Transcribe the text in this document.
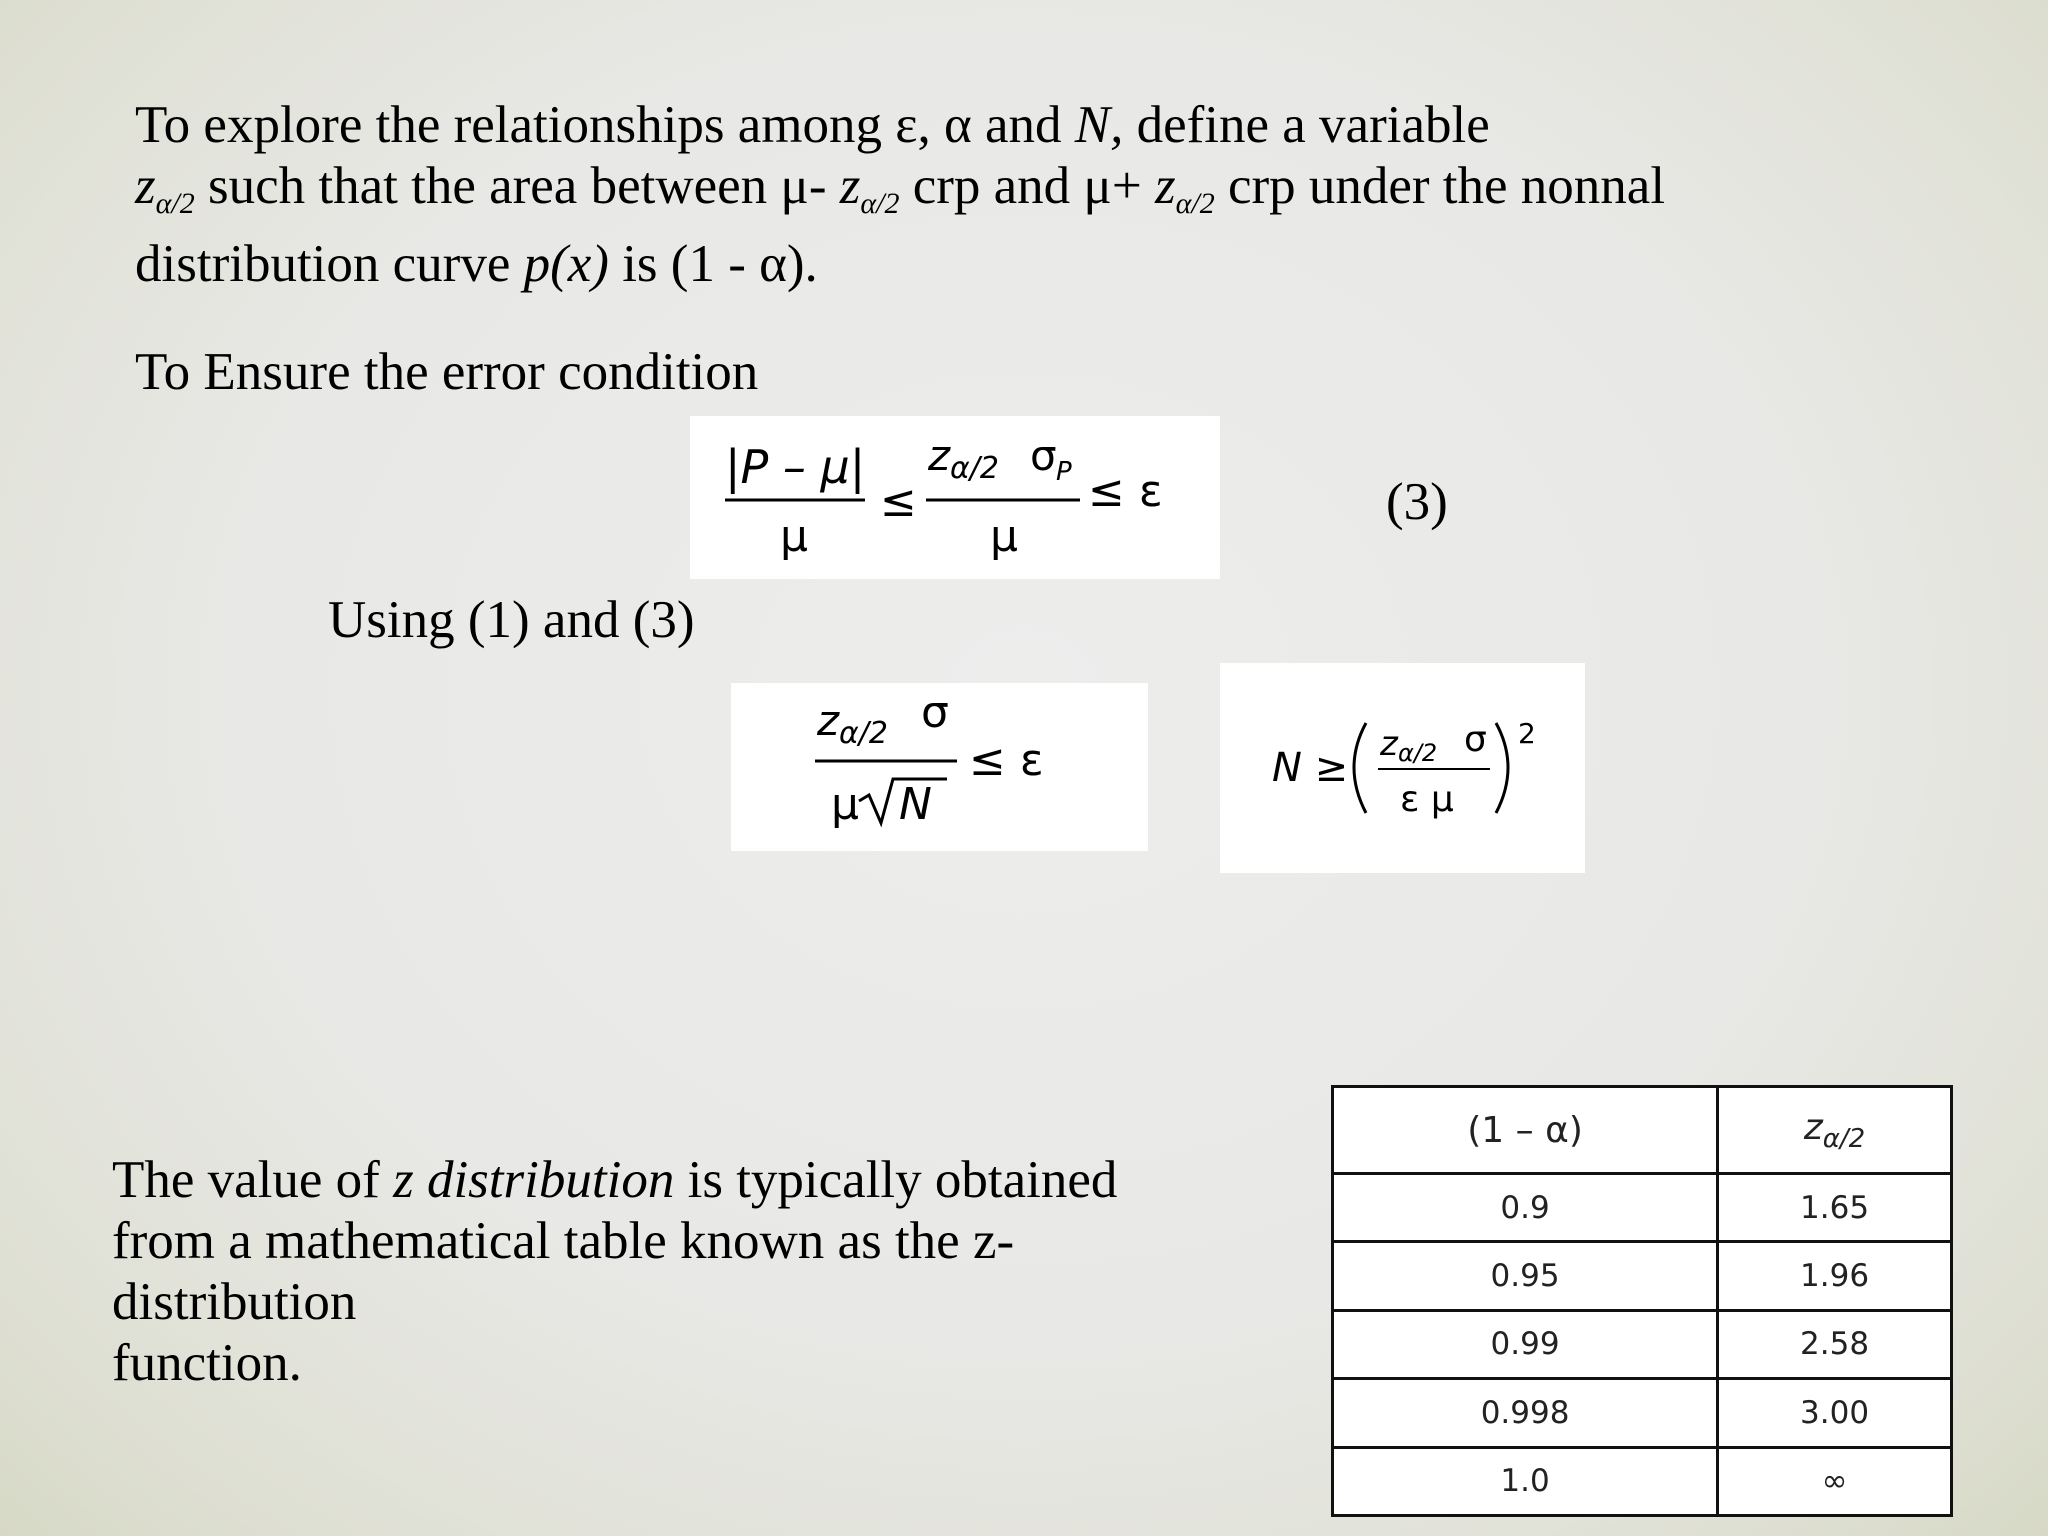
To explore the relationships among ε, α and N, define a variable
$z_{\alpha/2}$ such that the area between μ- $z_{\alpha/2}$ crp and $\mu+ z_{\alpha/2}$ crp under the nonnal
distribution curve p(x) is (1 - α).
To Ensure the error condition
|P – μ|
μ
≤
z α/2 σ P
μ
≤ ε	(3)
Using (1) and (3)
z α/2 σ
μ N
≤ ε	N ≥
z α/2 σ
ε μ
2
The value of z distribution is typically obtained
from a mathematical table known as the z-
distribution
function.
(1 – α)	$z_{\alpha/2}$
0.9	1.65
0.95	1.96
0.99	2.58
0.998	3.00
1.0	∞
